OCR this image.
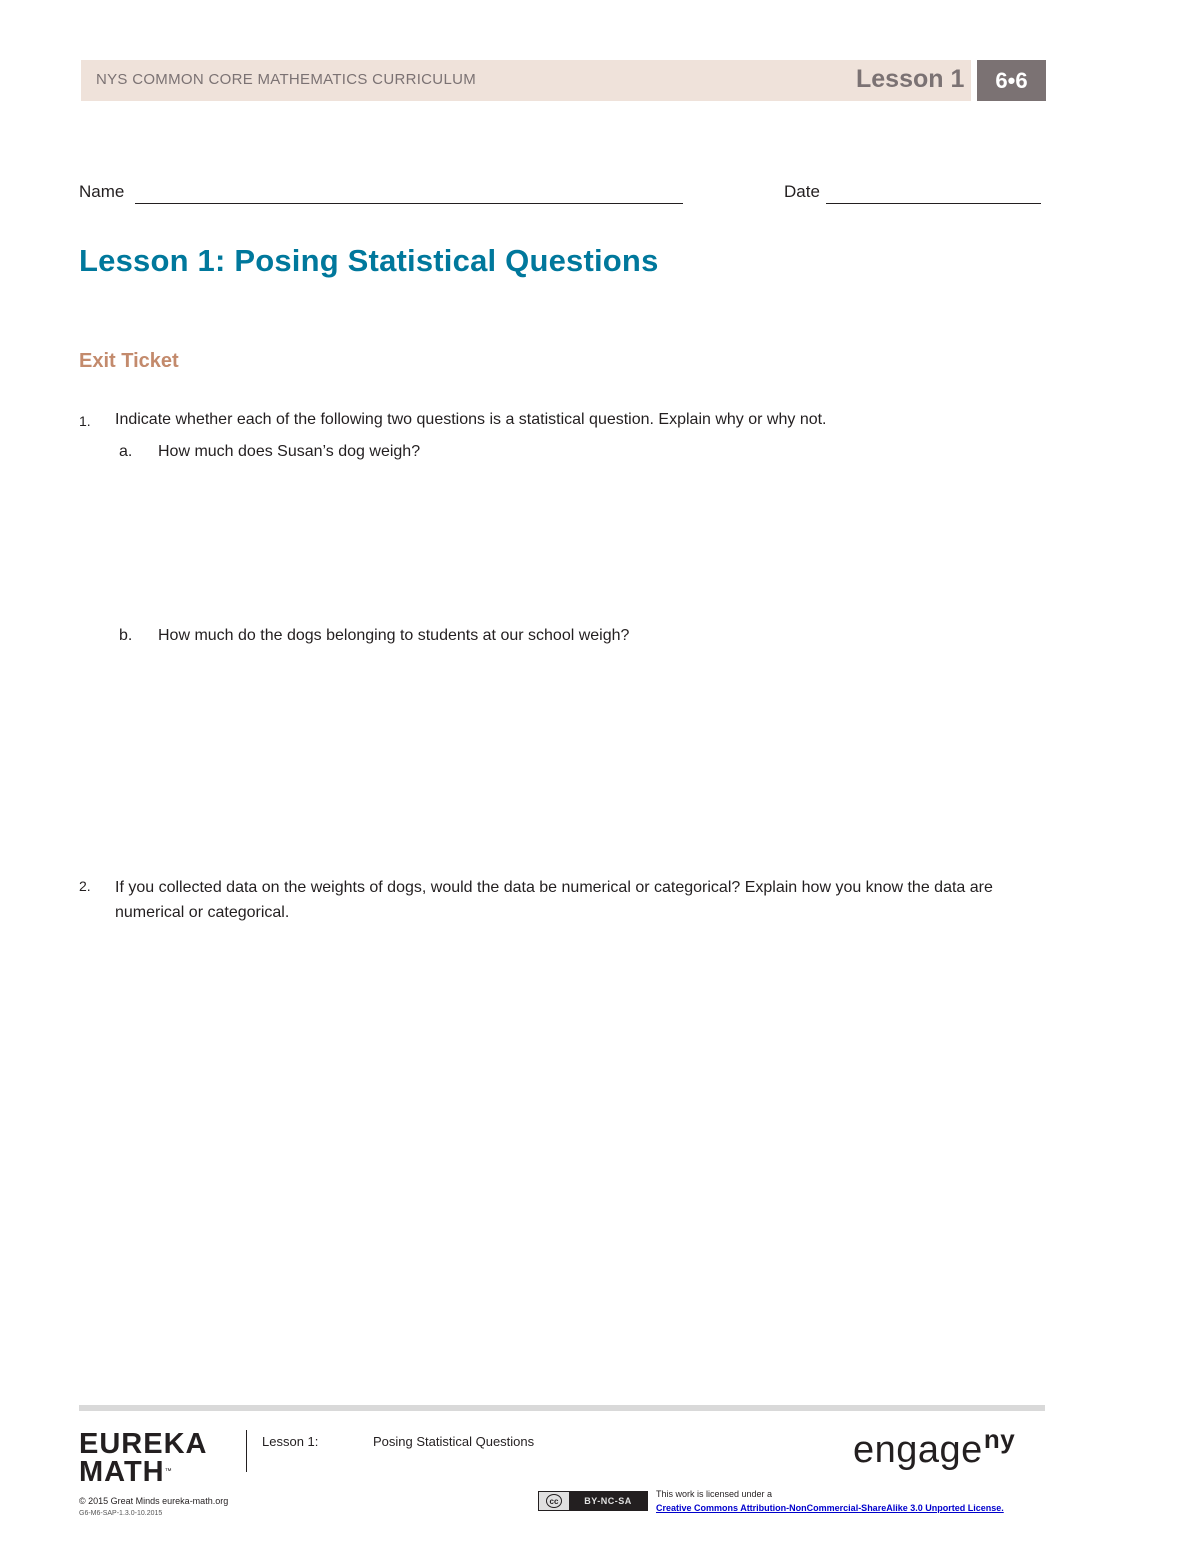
NYS COMMON CORE MATHEMATICS CURRICULUM	Lesson 1	6•6
Name	Date
Lesson 1: Posing Statistical Questions
Exit Ticket
1. Indicate whether each of the following two questions is a statistical question. Explain why or why not.
a. How much does Susan’s dog weigh?
b. How much do the dogs belonging to students at our school weigh?
2. If you collected data on the weights of dogs, would the data be numerical or categorical? Explain how you know the data are numerical or categorical.
EUREKA
MATH™
Lesson 1:	Posing Statistical Questions	engage$^{ny}$
© 2015 Great Minds eureka-math.org
G6-M6-SAP-1.3.0-10.2015
cc	BY-NC-SA
This work is licensed under a
Creative Commons Attribution-NonCommercial-ShareAlike 3.0 Unported License.
